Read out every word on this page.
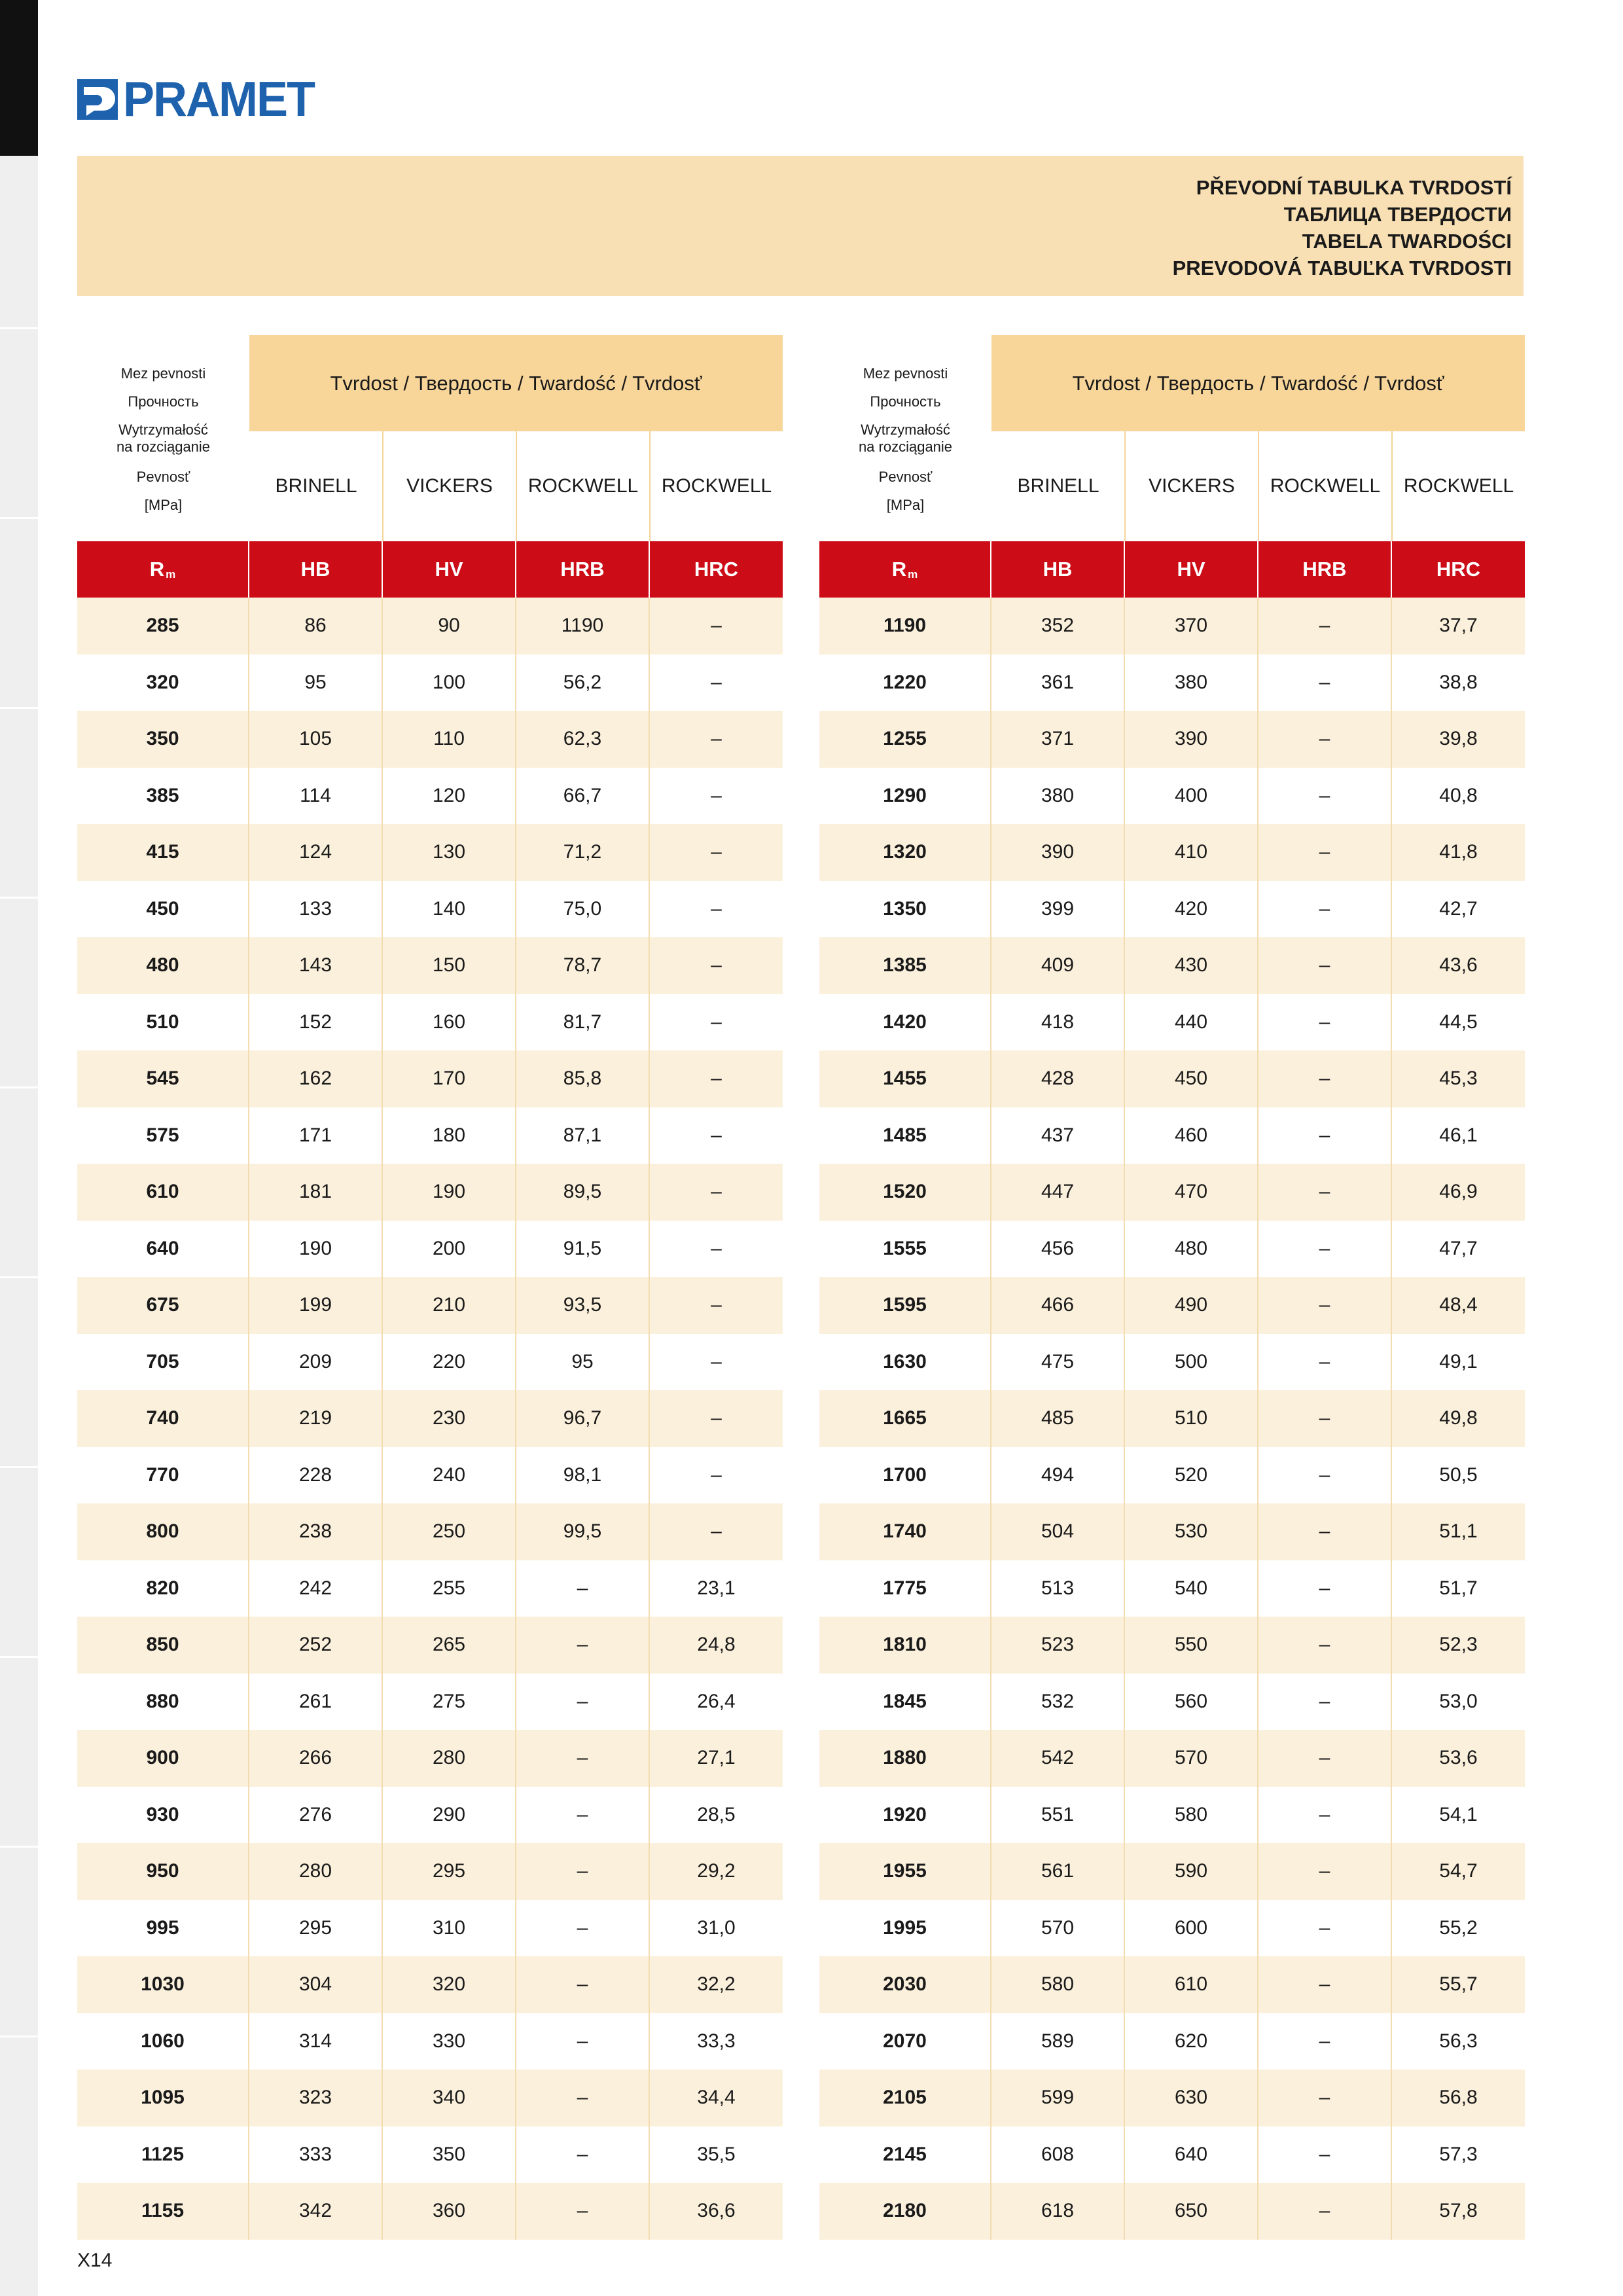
PRAMET
PŘEVODNÍ TABULKA TVRDOSTÍ
ТАБЛИЦА ТВЕРДОСТИ
TABELA TWARDOŚCI
PREVODOVÁ TABUĽKA TVRDOSTI
Mez pevnosti
Прочность
Wytrzymałość
na rozciąganie
Pevnosť
[MPa]
Tvrdost / Твердость / Twardość / Tvrdosť
BRINELL	VICKERS	ROCKWELL	ROCKWELL
$R_m$	HB	HV	HRB	HRC
285	86	90	1190	–
320	95	100	56,2	–
350	105	110	62,3	–
385	114	120	66,7	–
415	124	130	71,2	–
450	133	140	75,0	–
480	143	150	78,7	–
510	152	160	81,7	–
545	162	170	85,8	–
575	171	180	87,1	–
610	181	190	89,5	–
640	190	200	91,5	–
675	199	210	93,5	–
705	209	220	95	–
740	219	230	96,7	–
770	228	240	98,1	–
800	238	250	99,5	–
820	242	255	–	23,1
850	252	265	–	24,8
880	261	275	–	26,4
900	266	280	–	27,1
930	276	290	–	28,5
950	280	295	–	29,2
995	295	310	–	31,0
1030	304	320	–	32,2
1060	314	330	–	33,3
1095	323	340	–	34,4
1125	333	350	–	35,5
1155	342	360	–	36,6
Mez pevnosti
Прочность
Wytrzymałość
na rozciąganie
Pevnosť
[MPa]
Tvrdost / Твердость / Twardość / Tvrdosť
BRINELL	VICKERS	ROCKWELL	ROCKWELL
$R_m$	HB	HV	HRB	HRC
1190	352	370	–	37,7
1220	361	380	–	38,8
1255	371	390	–	39,8
1290	380	400	–	40,8
1320	390	410	–	41,8
1350	399	420	–	42,7
1385	409	430	–	43,6
1420	418	440	–	44,5
1455	428	450	–	45,3
1485	437	460	–	46,1
1520	447	470	–	46,9
1555	456	480	–	47,7
1595	466	490	–	48,4
1630	475	500	–	49,1
1665	485	510	–	49,8
1700	494	520	–	50,5
1740	504	530	–	51,1
1775	513	540	–	51,7
1810	523	550	–	52,3
1845	532	560	–	53,0
1880	542	570	–	53,6
1920	551	580	–	54,1
1955	561	590	–	54,7
1995	570	600	–	55,2
2030	580	610	–	55,7
2070	589	620	–	56,3
2105	599	630	–	56,8
2145	608	640	–	57,3
2180	618	650	–	57,8
X14
